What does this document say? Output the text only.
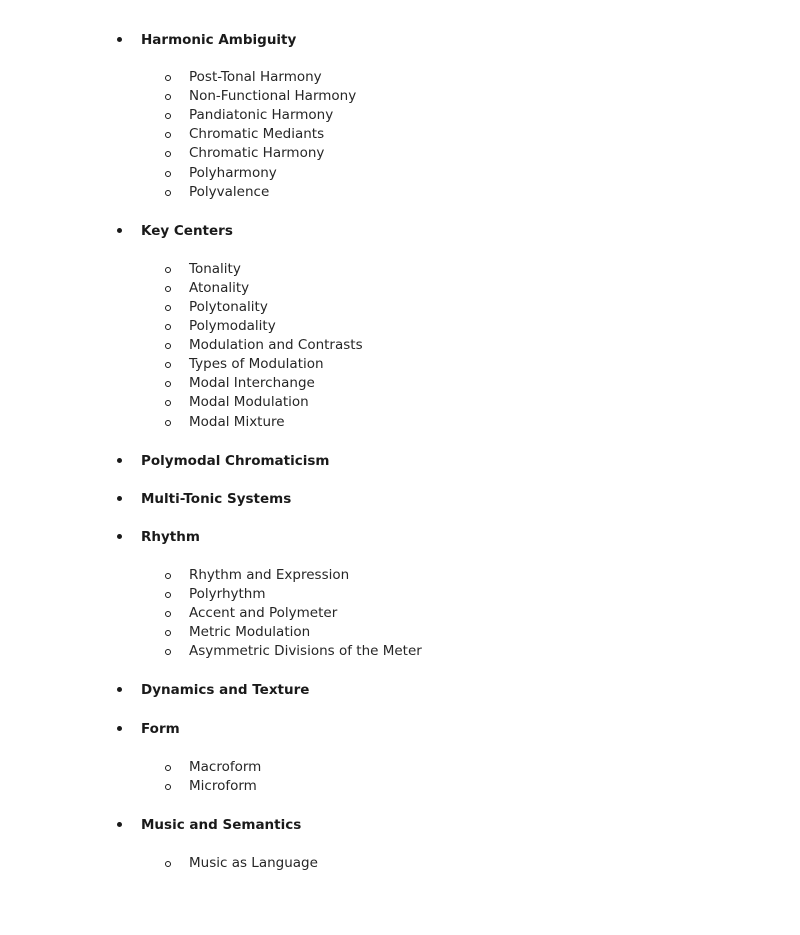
Harmonic Ambiguity
Post-Tonal Harmony
Non-Functional Harmony
Pandiatonic Harmony
Chromatic Mediants
Chromatic Harmony
Polyharmony
Polyvalence
Key Centers
Tonality
Atonality
Polytonality
Polymodality
Modulation and Contrasts
Types of Modulation
Modal Interchange
Modal Modulation
Modal Mixture
Polymodal Chromaticism
Multi-Tonic Systems
Rhythm
Rhythm and Expression
Polyrhythm
Accent and Polymeter
Metric Modulation
Asymmetric Divisions of the Meter
Dynamics and Texture
Form
Macroform
Microform
Music and Semantics
Music as Language
